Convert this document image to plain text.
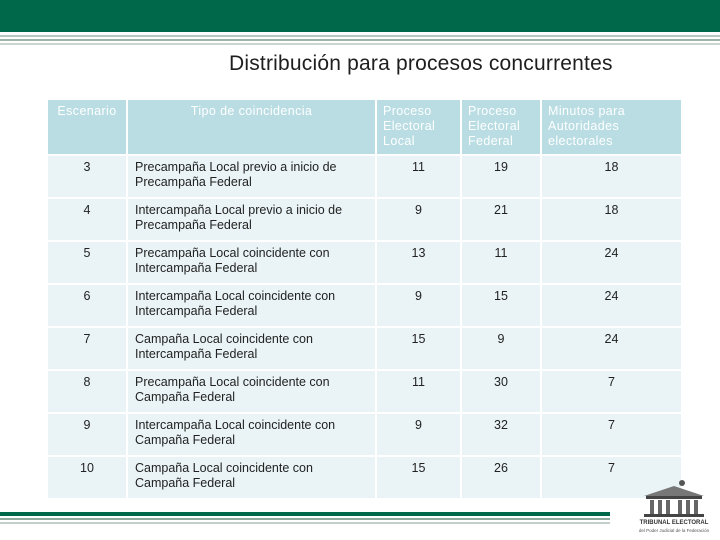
Distribución para procesos concurrentes
Escenario	Tipo de coincidencia	Proceso Electoral Local	Proceso Electoral Federal	Minutos para Autoridades electorales
3	Precampaña Local previo a inicio de Precampaña Federal	11	19	18
4	Intercampaña Local previo a inicio de Precampaña Federal	9	21	18
5	Precampaña Local coincidente con Intercampaña Federal	13	11	24
6	Intercampaña Local coincidente con Intercampaña Federal	9	15	24
7	Campaña Local coincidente con Intercampaña Federal	15	9	24
8	Precampaña Local coincidente con Campaña Federal	11	30	7
9	Intercampaña Local coincidente con Campaña Federal	9	32	7
10	Campaña Local coincidente con Campaña Federal	15	26	7
TRIBUNAL ELECTORAL
del Poder Judicial de la Federación
